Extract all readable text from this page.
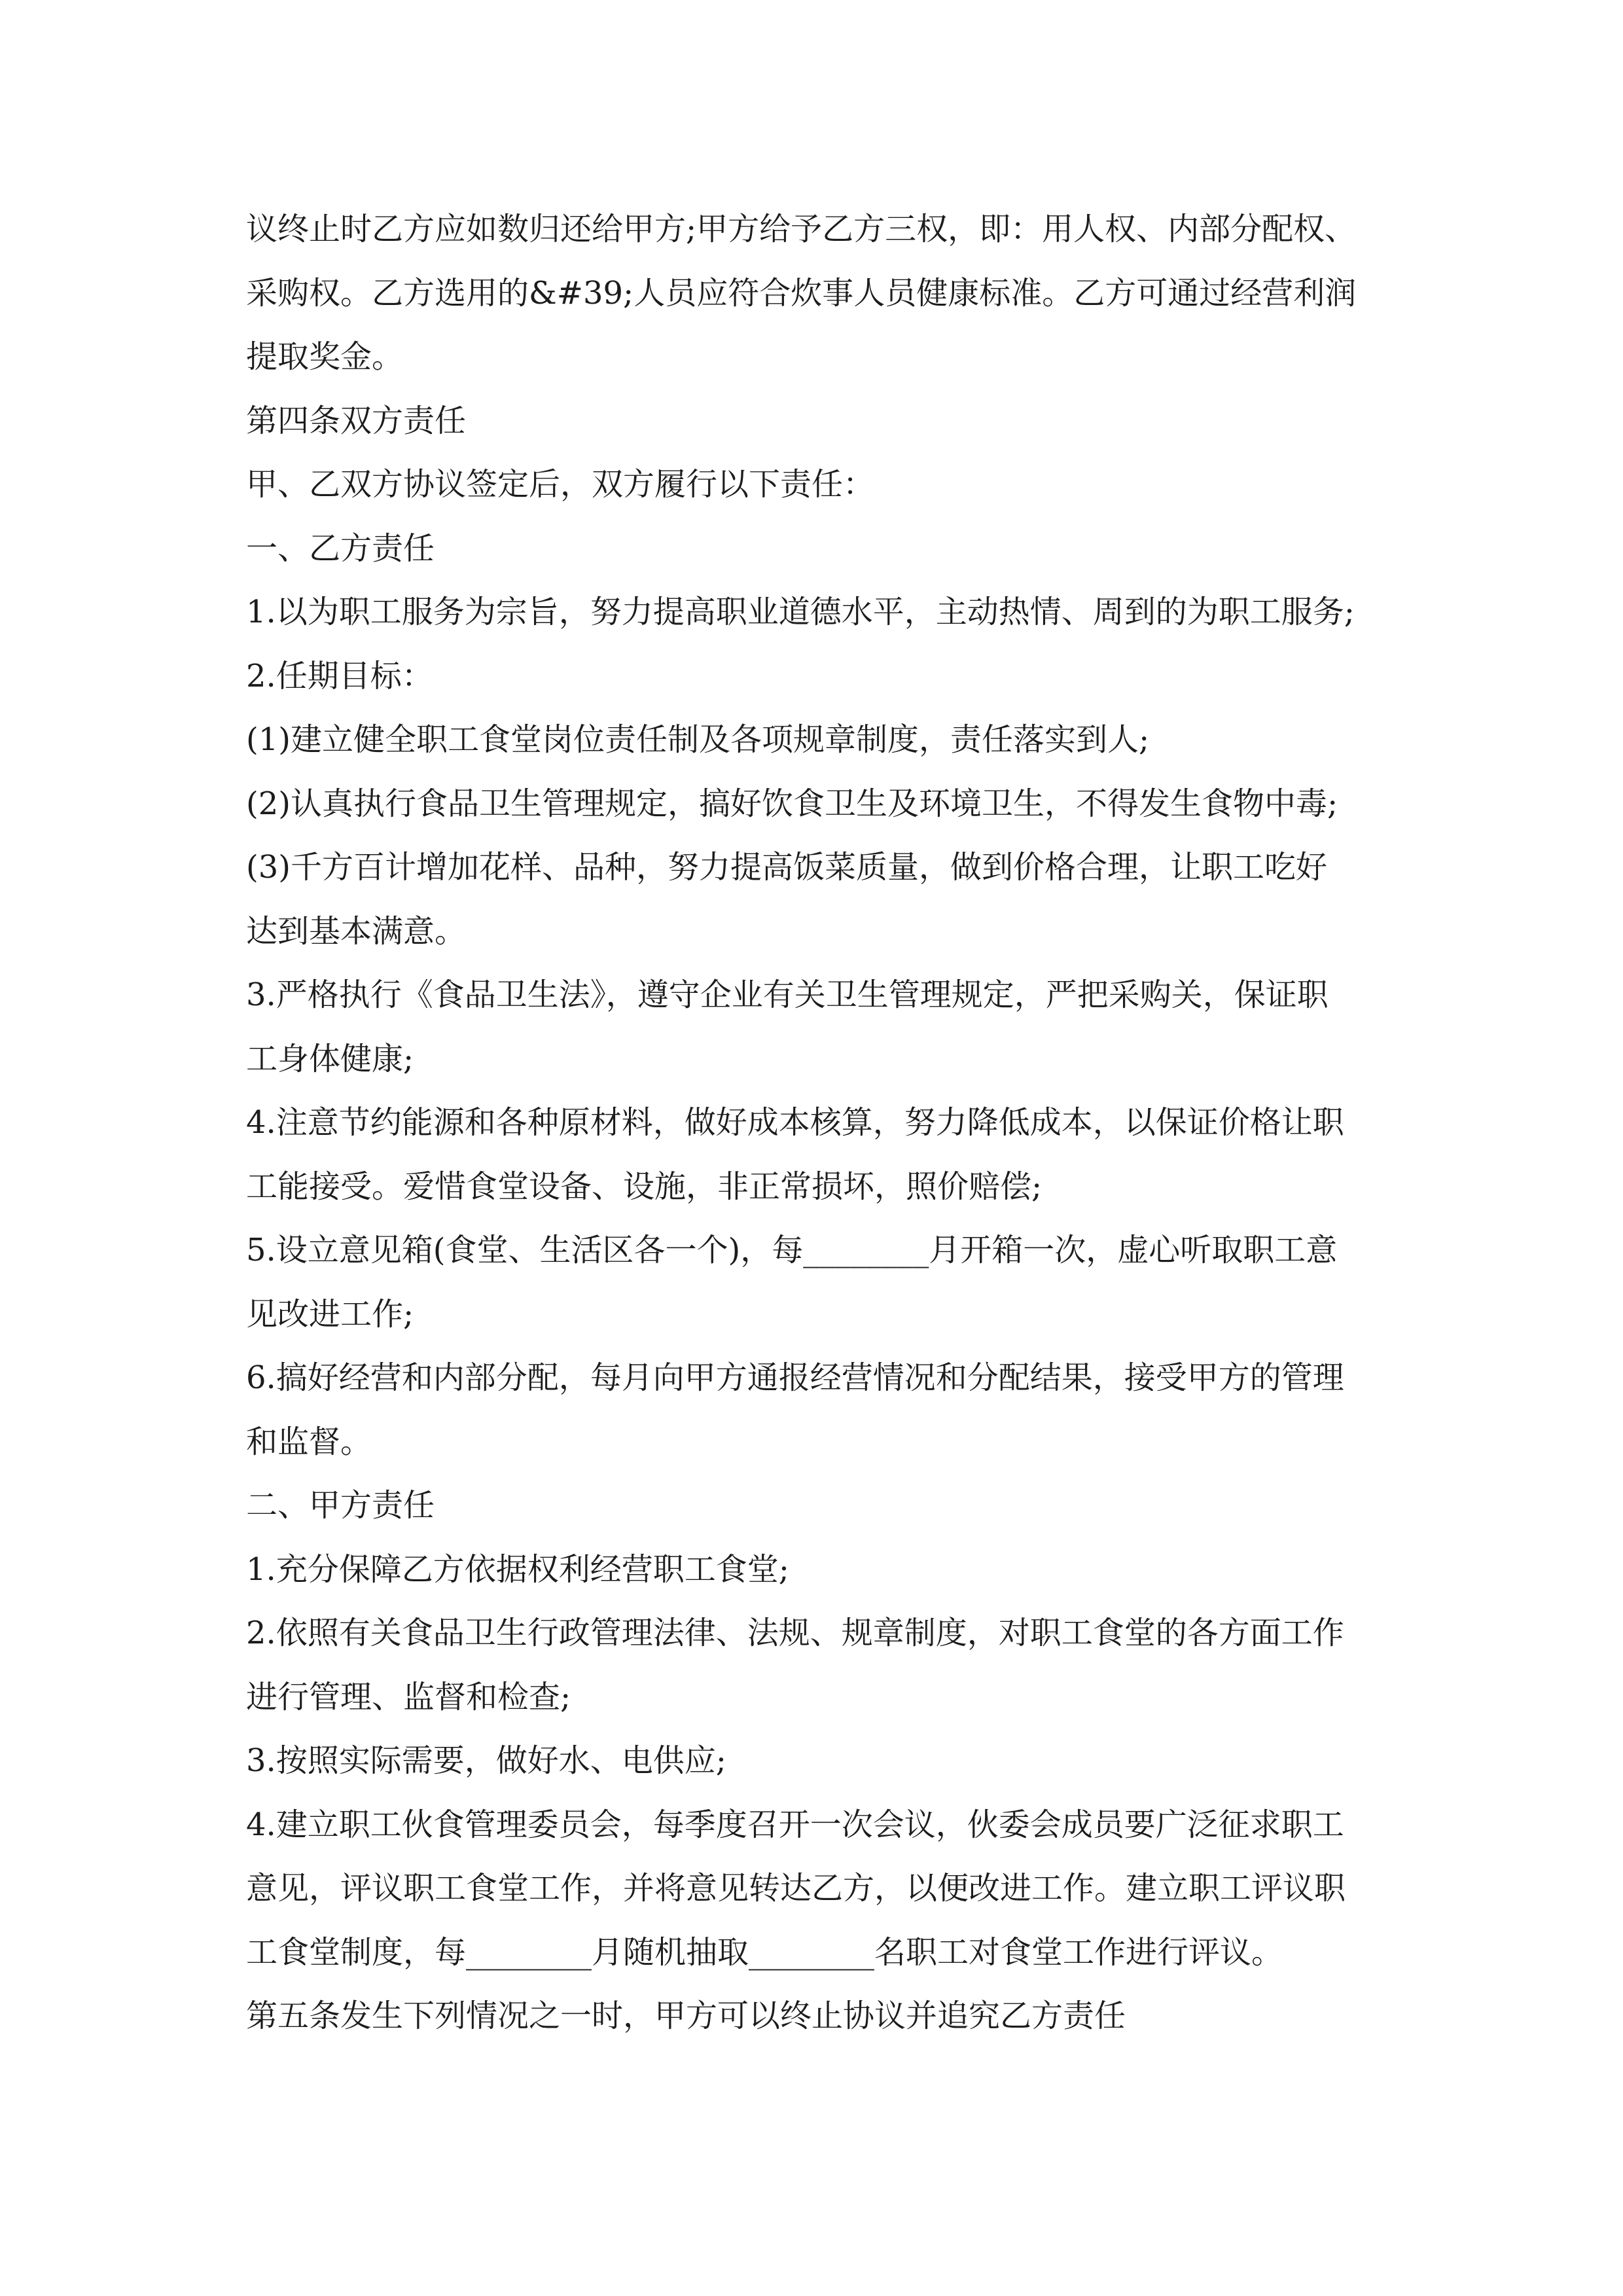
议终止时乙方应如数归还给甲方;甲方给予乙方三权，即：用人权、内部分配权、
采购权。乙方选用的&#39;人员应符合炊事人员健康标准。乙方可通过经营利润
提取奖金。
第四条双方责任
甲、乙双方协议签定后，双方履行以下责任：
一、乙方责任
1.以为职工服务为宗旨，努力提高职业道德水平，主动热情、周到的为职工服务;
2.任期目标：
(1)建立健全职工食堂岗位责任制及各项规章制度，责任落实到人;
(2)认真执行食品卫生管理规定，搞好饮食卫生及环境卫生，不得发生食物中毒;
(3)千方百计增加花样、品种，努力提高饭菜质量，做到价格合理，让职工吃好
达到基本满意。
3.严格执行《食品卫生法》，遵守企业有关卫生管理规定，严把采购关，保证职
工身体健康;
4.注意节约能源和各种原材料，做好成本核算，努力降低成本，以保证价格让职
工能接受。爱惜食堂设备、设施，非正常损坏，照价赔偿;
5.设立意见箱(食堂、生活区各一个)，每________月开箱一次，虚心听取职工意
见改进工作;
6.搞好经营和内部分配，每月向甲方通报经营情况和分配结果，接受甲方的管理
和监督。
二、甲方责任
1.充分保障乙方依据权利经营职工食堂;
2.依照有关食品卫生行政管理法律、法规、规章制度，对职工食堂的各方面工作
进行管理、监督和检查;
3.按照实际需要，做好水、电供应;
4.建立职工伙食管理委员会，每季度召开一次会议，伙委会成员要广泛征求职工
意见，评议职工食堂工作，并将意见转达乙方，以便改进工作。建立职工评议职
工食堂制度，每________月随机抽取________名职工对食堂工作进行评议。
第五条发生下列情况之一时，甲方可以终止协议并追究乙方责任
